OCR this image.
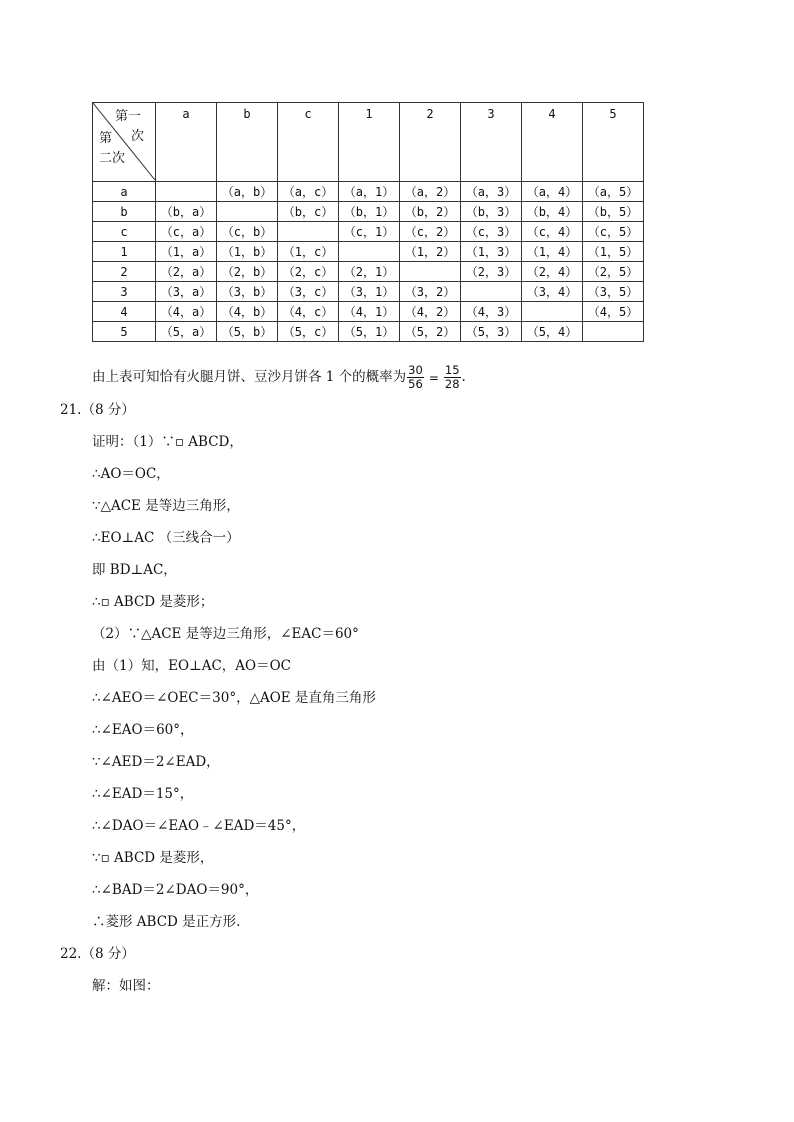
第一
次
第
二次	a	b	c	1	2	3	4	5
a		（a，b）	（a，c）	（a，1）	（a，2）	（a，3）	（a，4）	（a，5）
b	（b，a）		（b，c）	（b，1）	（b，2）	（b，3）	（b，4）	（b，5）
c	（c，a）	（c，b）		（c，1）	（c，2）	（c，3）	（c，4）	（c，5）
1	（1，a）	（1，b）	（1，c）		（1，2）	（1，3）	（1，4）	（1，5）
2	（2，a）	（2，b）	（2，c）	（2，1）		（2，3）	（2，4）	（2，5）
3	（3，a）	（3，b）	（3，c）	（3，1）	（3，2）		（3，4）	（3，5）
4	（4，a）	（4，b）	（4，c）	（4，1）	（4，2）	（4，3）		（4，5）
5	（5，a）	（5，b）	（5，c）	（5，1）	（5，2）	（5，3）	（5，4）	
由上表可知恰有火腿月饼、豆沙月饼各 1 个的概率为 $\frac{30}{56} = \frac{15}{28}$ .
21.（8 分）
证明：（1）∵▫ ABCD，
∴AO＝OC，
∵△ACE 是等边三角形，
∴EO⊥AC （三线合一）
即 BD⊥AC，
∴▫ ABCD 是菱形；
（2）∵△ACE 是等边三角形，∠EAC＝60°
由（1）知，EO⊥AC，AO＝OC
∴∠AEO＝∠OEC＝30°，△AOE 是直角三角形
∴∠EAO＝60°，
∵∠AED＝2∠EAD，
∴∠EAD＝15°，
∴∠DAO＝∠EAO﹣∠EAD＝45°，
∵▫ ABCD 是菱形，
∴∠BAD＝2∠DAO＝90°，
∴菱形 ABCD 是正方形.
22.（8 分）
解：如图：
